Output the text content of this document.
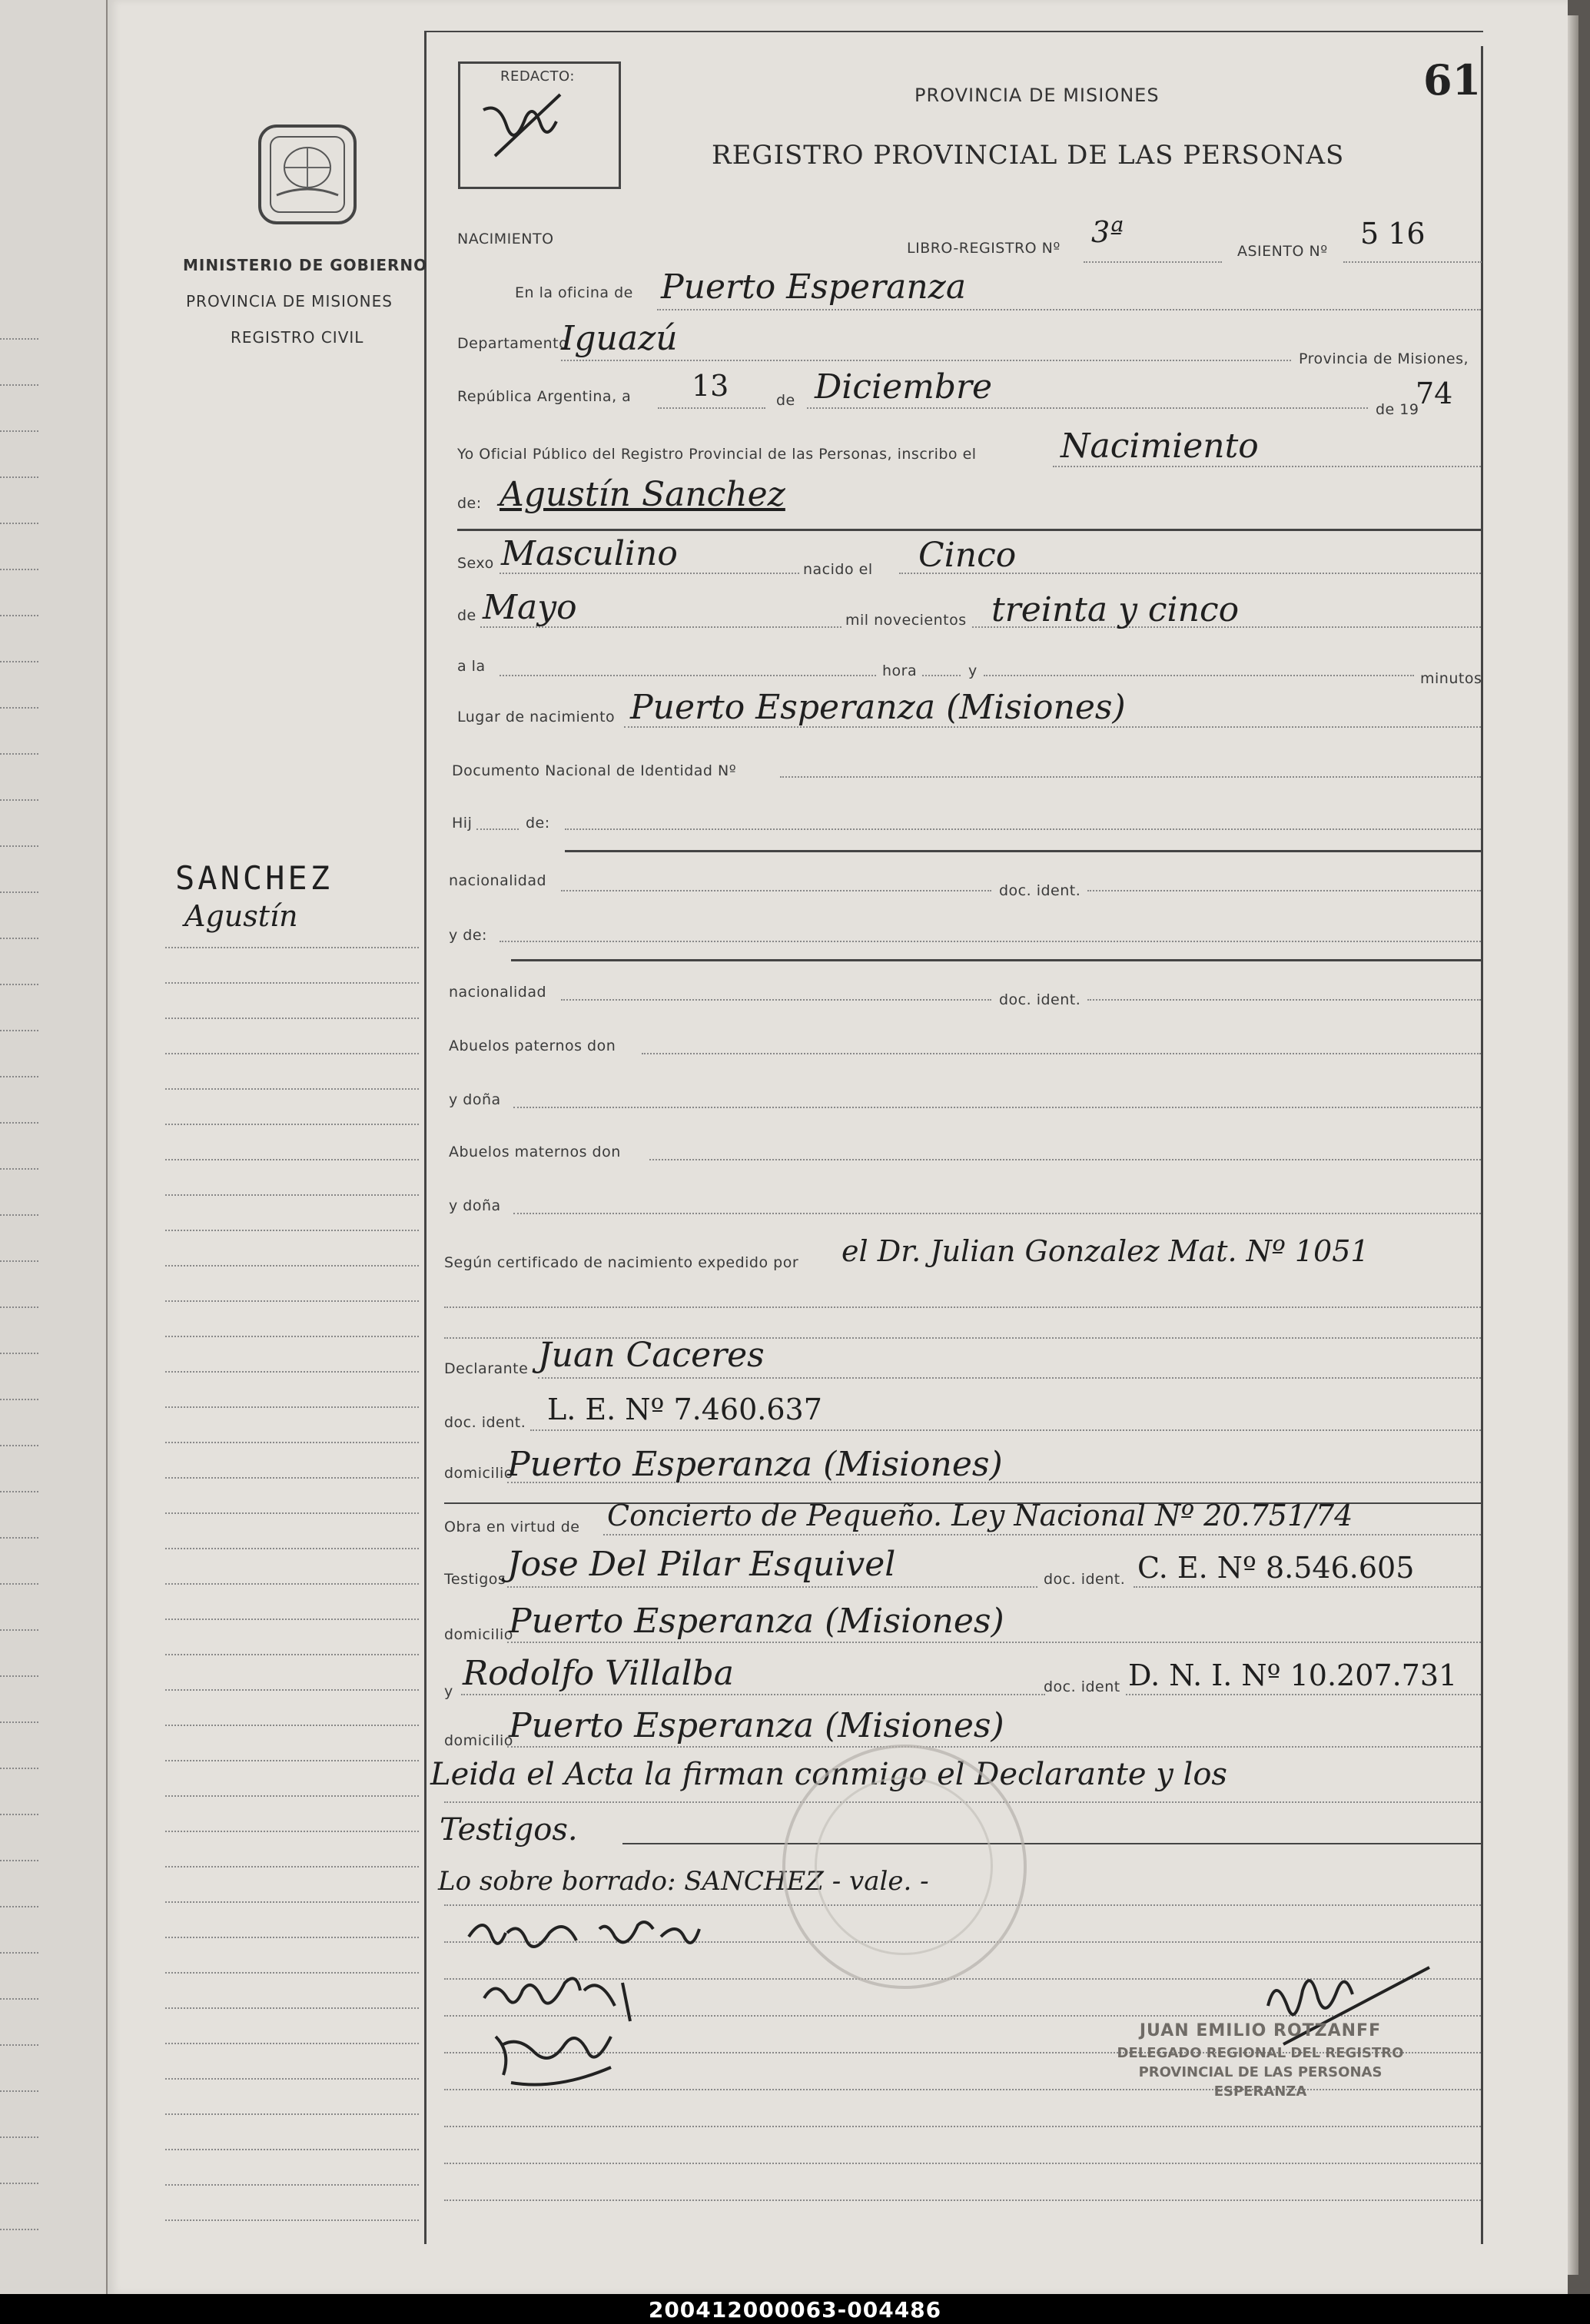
MINISTERIO DE GOBIERNO
PROVINCIA DE MISIONES
REGISTRO CIVIL
SANCHEZ
Agustín
REDACTO:
PROVINCIA DE MISIONES
REGISTRO PROVINCIAL DE LAS PERSONAS
61
NACIMIENTO
LIBRO-REGISTRO Nº 3ª
ASIENTO Nº
5 16
En la oficina de Puerto Esperanza
Departamento
Iguazú
Provincia de Misiones,
República Argentina, a 13	de Diciembre
de 19
74
Yo Oficial Público del Registro Provincial de las Personas, inscribo el Nacimiento
de: Agustín Sanchez
Sexo Masculino	nacido el Cinco
de Mayo	mil novecientos treinta y cinco
a la	hora	y	minutos
Lugar de nacimiento Puerto Esperanza (Misiones)
Documento Nacional de Identidad Nº
Hij	de:
nacionalidad
doc. ident.
y de:
nacionalidad	doc. ident.
Abuelos paternos don
y doña
Abuelos maternos don
y doña
Según certificado de nacimiento expedido por el Dr. Julian Gonzalez Mat. Nº 1051
Declarante Juan Caceres
doc. ident. L. E. Nº 7.460.637
domicilio
Puerto Esperanza (Misiones)
Obra en virtud de Concierto de Pequeño. Ley Nacional Nº 20.751/74
Testigos Jose Del Pilar Esquivel	doc. ident. C. E. Nº 8.546.605
domicilio
Puerto Esperanza (Misiones)
y Rodolfo Villalba	doc. ident D. N. I. Nº 10.207.731
domicilio
Puerto Esperanza (Misiones)
Leida el Acta la firman conmigo el Declarante y los
Testigos.
Lo sobre borrado: SANCHEZ - vale. -
JUAN EMILIO ROTZANFF
DELEGADO REGIONAL DEL REGISTRO
PROVINCIAL DE LAS PERSONAS
ESPERANZA
200412000063-004486
